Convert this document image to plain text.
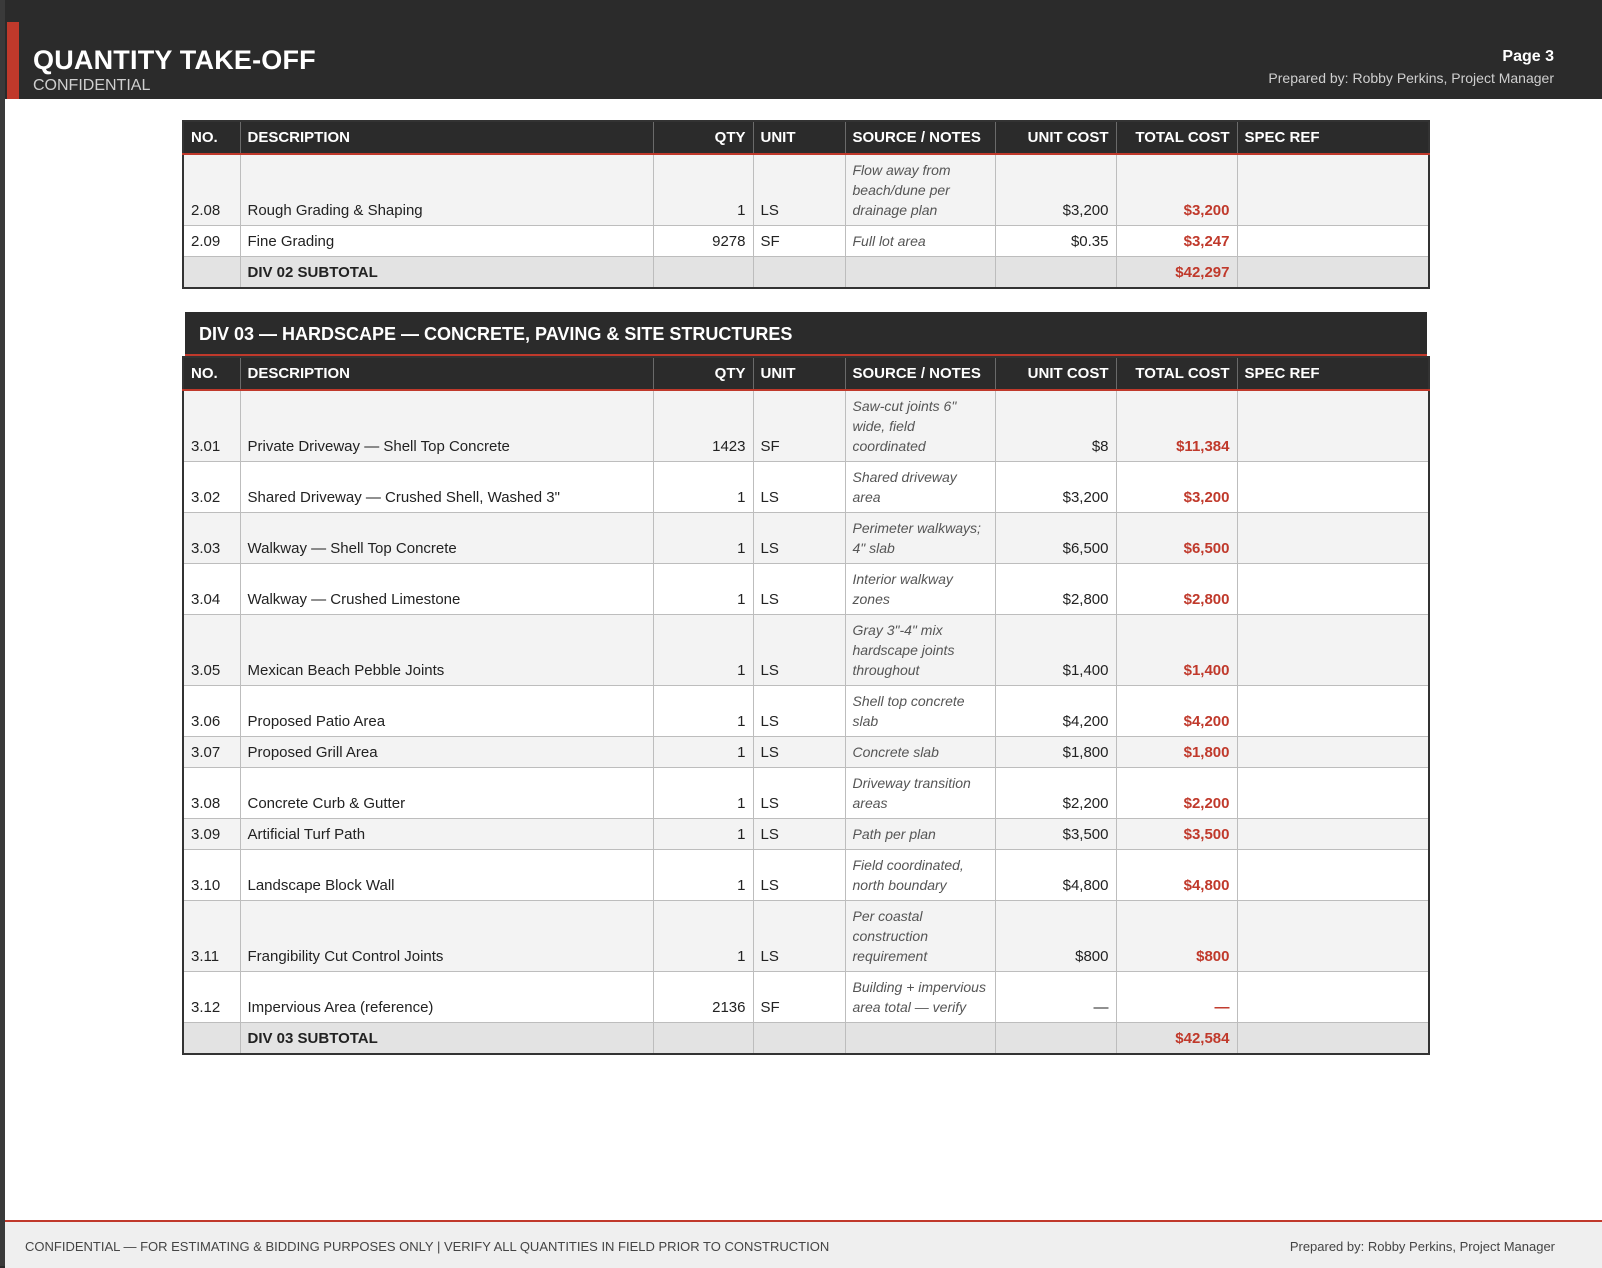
QUANTITY TAKE-OFF
CONFIDENTIAL
Page 3
Prepared by: Robby Perkins, Project Manager
NO.	DESCRIPTION	QTY	UNIT	SOURCE / NOTES	UNIT COST	TOTAL COST	SPEC REF
2.08	Rough Grading & Shaping	1	LS	Flow away from beach/dune per drainage plan	$3,200	$3,200	
2.09	Fine Grading	9278	SF	Full lot area	$0.35	$3,247	
	DIV 02 SUBTOTAL					$42,297	
DIV 03 — HARDSCAPE — CONCRETE, PAVING & SITE STRUCTURES
NO.	DESCRIPTION	QTY	UNIT	SOURCE / NOTES	UNIT COST	TOTAL COST	SPEC REF
3.01	Private Driveway — Shell Top Concrete	1423	SF	Saw-cut joints 6" wide, field coordinated	$8	$11,384	
3.02	Shared Driveway — Crushed Shell, Washed 3"	1	LS	Shared driveway area	$3,200	$3,200	
3.03	Walkway — Shell Top Concrete	1	LS	Perimeter walkways; 4" slab	$6,500	$6,500	
3.04	Walkway — Crushed Limestone	1	LS	Interior walkway zones	$2,800	$2,800	
3.05	Mexican Beach Pebble Joints	1	LS	Gray 3"-4" mix hardscape joints throughout	$1,400	$1,400	
3.06	Proposed Patio Area	1	LS	Shell top concrete slab	$4,200	$4,200	
3.07	Proposed Grill Area	1	LS	Concrete slab	$1,800	$1,800	
3.08	Concrete Curb & Gutter	1	LS	Driveway transition areas	$2,200	$2,200	
3.09	Artificial Turf Path	1	LS	Path per plan	$3,500	$3,500	
3.10	Landscape Block Wall	1	LS	Field coordinated, north boundary	$4,800	$4,800	
3.11	Frangibility Cut Control Joints	1	LS	Per coastal construction requirement	$800	$800	
3.12	Impervious Area (reference)	2136	SF	Building + impervious area total — verify	—	—	
	DIV 03 SUBTOTAL					$42,584	
CONFIDENTIAL — FOR ESTIMATING & BIDDING PURPOSES ONLY | VERIFY ALL QUANTITIES IN FIELD PRIOR TO CONSTRUCTION	Prepared by: Robby Perkins, Project Manager
